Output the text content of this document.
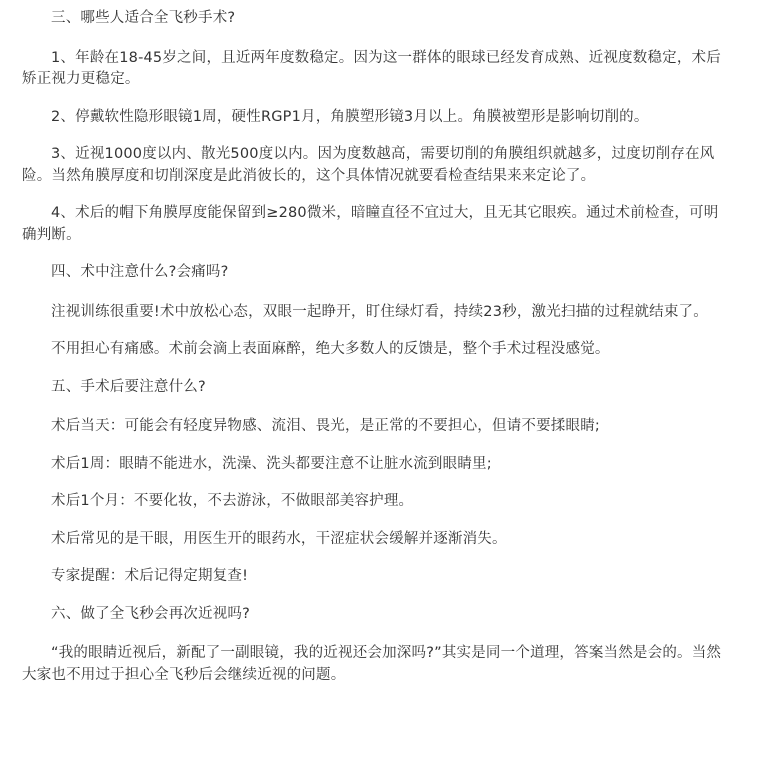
三、哪些人适合全飞秒手术?

1、年龄在18-45岁之间，且近两年度数稳定。因为这一群体的眼球已经发育成熟、近视度数稳定，术后矫正视力更稳定。

2、停戴软性隐形眼镜1周，硬性RGP1月，角膜塑形镜3月以上。角膜被塑形是影响切削的。

3、近视1000度以内、散光500度以内。因为度数越高，需要切削的角膜组织就越多，过度切削存在风险。当然角膜厚度和切削深度是此消彼长的，这个具体情况就要看检查结果来来定论了。

4、术后的帽下角膜厚度能保留到≥280微米，暗瞳直径不宜过大，且无其它眼疾。通过术前检查，可明确判断。

四、术中注意什么?会痛吗?

注视训练很重要!术中放松心态，双眼一起睁开，盯住绿灯看，持续23秒，激光扫描的过程就结束了。

不用担心有痛感。术前会滴上表面麻醉，绝大多数人的反馈是，整个手术过程没感觉。

五、手术后要注意什么?

术后当天：可能会有轻度异物感、流泪、畏光，是正常的不要担心，但请不要揉眼睛;

术后1周：眼睛不能进水，洗澡、洗头都要注意不让脏水流到眼睛里;

术后1个月：不要化妆，不去游泳，不做眼部美容护理。

术后常见的是干眼，用医生开的眼药水，干涩症状会缓解并逐渐消失。

专家提醒：术后记得定期复查!

六、做了全飞秒会再次近视吗?

“我的眼睛近视后，新配了一副眼镜，我的近视还会加深吗?”其实是同一个道理，答案当然是会的。当然大家也不用过于担心全飞秒后会继续近视的问题。
